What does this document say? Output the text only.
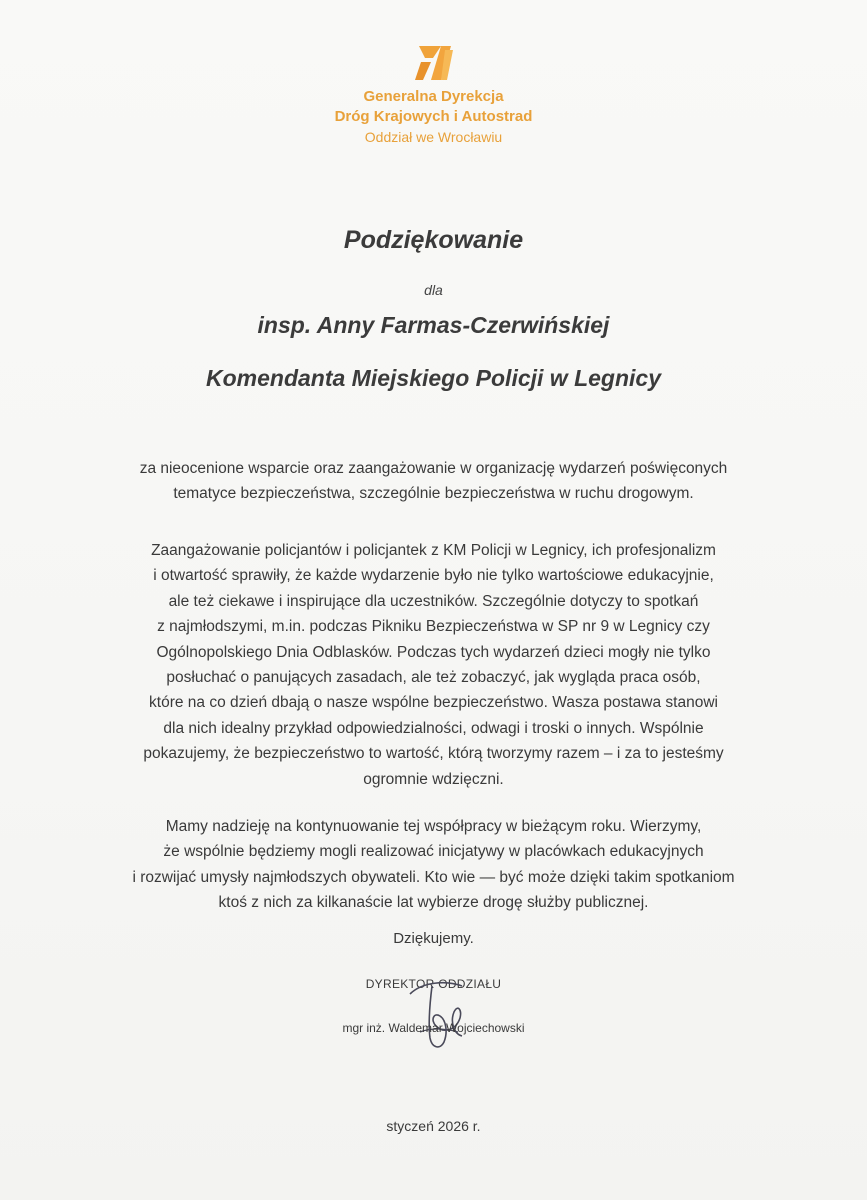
Generalna Dyrekcja
Dróg Krajowych i Autostrad
Oddział we Wrocławiu
Podziękowanie
dla
insp. Anny Farmas-Czerwińskiej
Komendanta Miejskiego Policji w Legnicy
za nieocenione wsparcie oraz zaangażowanie w organizację wydarzeń poświęconych
tematyce bezpieczeństwa, szczególnie bezpieczeństwa w ruchu drogowym.
Zaangażowanie policjantów i policjantek z KM Policji w Legnicy, ich profesjonalizm
i otwartość sprawiły, że każde wydarzenie było nie tylko wartościowe edukacyjnie,
ale też ciekawe i inspirujące dla uczestników. Szczególnie dotyczy to spotkań
z najmłodszymi, m.in. podczas Pikniku Bezpieczeństwa w SP nr 9 w Legnicy czy
Ogólnopolskiego Dnia Odblasków. Podczas tych wydarzeń dzieci mogły nie tylko
posłuchać o panujących zasadach, ale też zobaczyć, jak wygląda praca osób,
które na co dzień dbają o nasze wspólne bezpieczeństwo. Wasza postawa stanowi
dla nich idealny przykład odpowiedzialności, odwagi i troski o innych. Wspólnie
pokazujemy, że bezpieczeństwo to wartość, którą tworzymy razem – i za to jesteśmy
ogromnie wdzięczni.
Mamy nadzieję na kontynuowanie tej współpracy w bieżącym roku. Wierzymy,
że wspólnie będziemy mogli realizować inicjatywy w placówkach edukacyjnych
i rozwijać umysły najmłodszych obywateli. Kto wie — być może dzięki takim spotkaniom
ktoś z nich za kilkanaście lat wybierze drogę służby publicznej.
Dziękujemy.
DYREKTOR ODDZIAŁU
mgr inż. Waldemar Wojciechowski
styczeń 2026 r.
